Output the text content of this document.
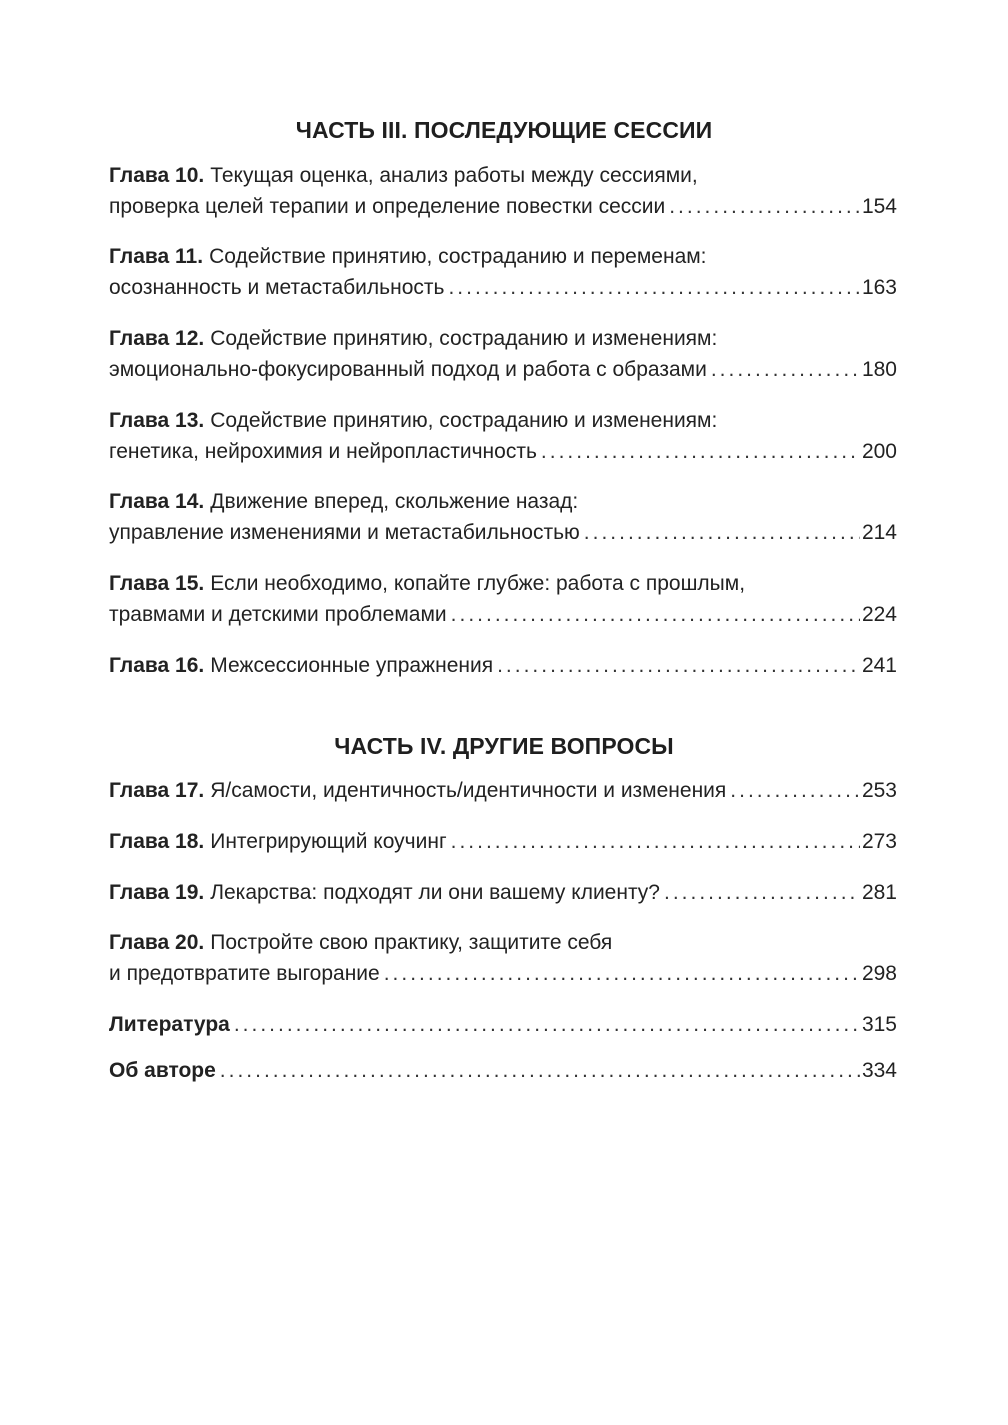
ЧАСТЬ III. ПОСЛЕДУЮЩИЕ СЕССИИ
Глава 10. Текущая оценка, анализ работы между сессиями,
проверка целей терапии и определение повестки сессии .....	154
Глава 11. Содействие принятию, состраданию и переменам:
осознанность и метастабильность .....	163
Глава 12. Содействие принятию, состраданию и изменениям:
эмоционально-фокусированный подход и работа с образами .....	180
Глава 13. Содействие принятию, состраданию и изменениям:
генетика, нейрохимия и нейропластичность .....	200
Глава 14. Движение вперед, скольжение назад:
управление изменениями и метастабильностью .....	214
Глава 15. Если необходимо, копайте глубже: работа с прошлым,
травмами и детскими проблемами .....	224
Глава 16. Межсессионные упражнения .....	241
ЧАСТЬ IV. ДРУГИЕ ВОПРОСЫ
Глава 17. Я/самости, идентичность/идентичности и изменения .....	253
Глава 18. Интегрирующий коучинг .....	273
Глава 19. Лекарства: подходят ли они вашему клиенту? .....	281
Глава 20. Постройте свою практику, защитите себя
и предотвратите выгорание .....	298
Литература .....	315
Об авторе .....	334
